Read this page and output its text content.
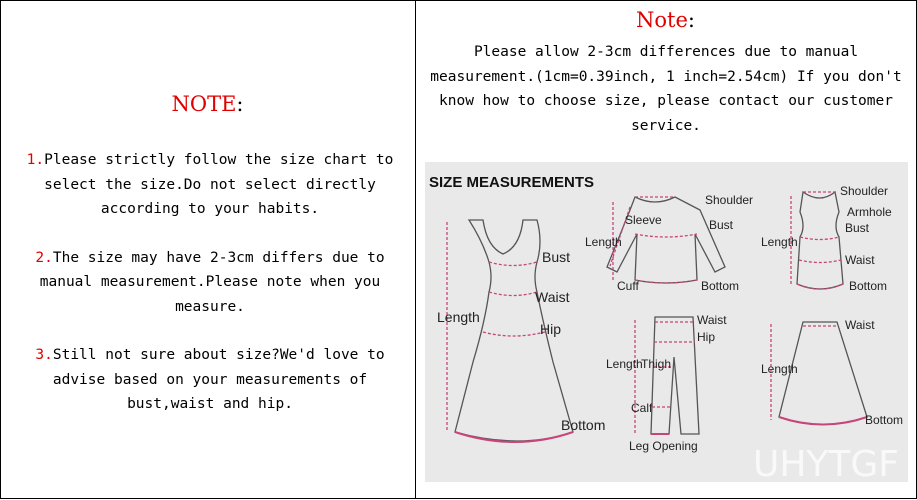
NOTE:
1.Please strictly follow the size chart to select the size.Do not select directly according to your habits.
2.The size may have 2-3cm differs due to manual measurement.Please note when you measure.
3.Still not sure about size?We'd love to advise based on your measurements of bust,waist and hip.
Note:
Please allow 2-3cm differences due to manual measurement.(1cm=0.39inch, 1 inch=2.54cm) If you don't know how to choose size, please contact our customer service.
SIZE MEASUREMENTS
Bust
Waist
Hip
Length
Bottom
Shoulder
Sleeve	Bust
Length
Cuff	Bottom
Shoulder
Armhole
Bust
Length
Waist
Bottom
Waist
Hip
Length
Thigh
Calf
Leg Opening
Waist
Length
Bottom
UHYTGF
